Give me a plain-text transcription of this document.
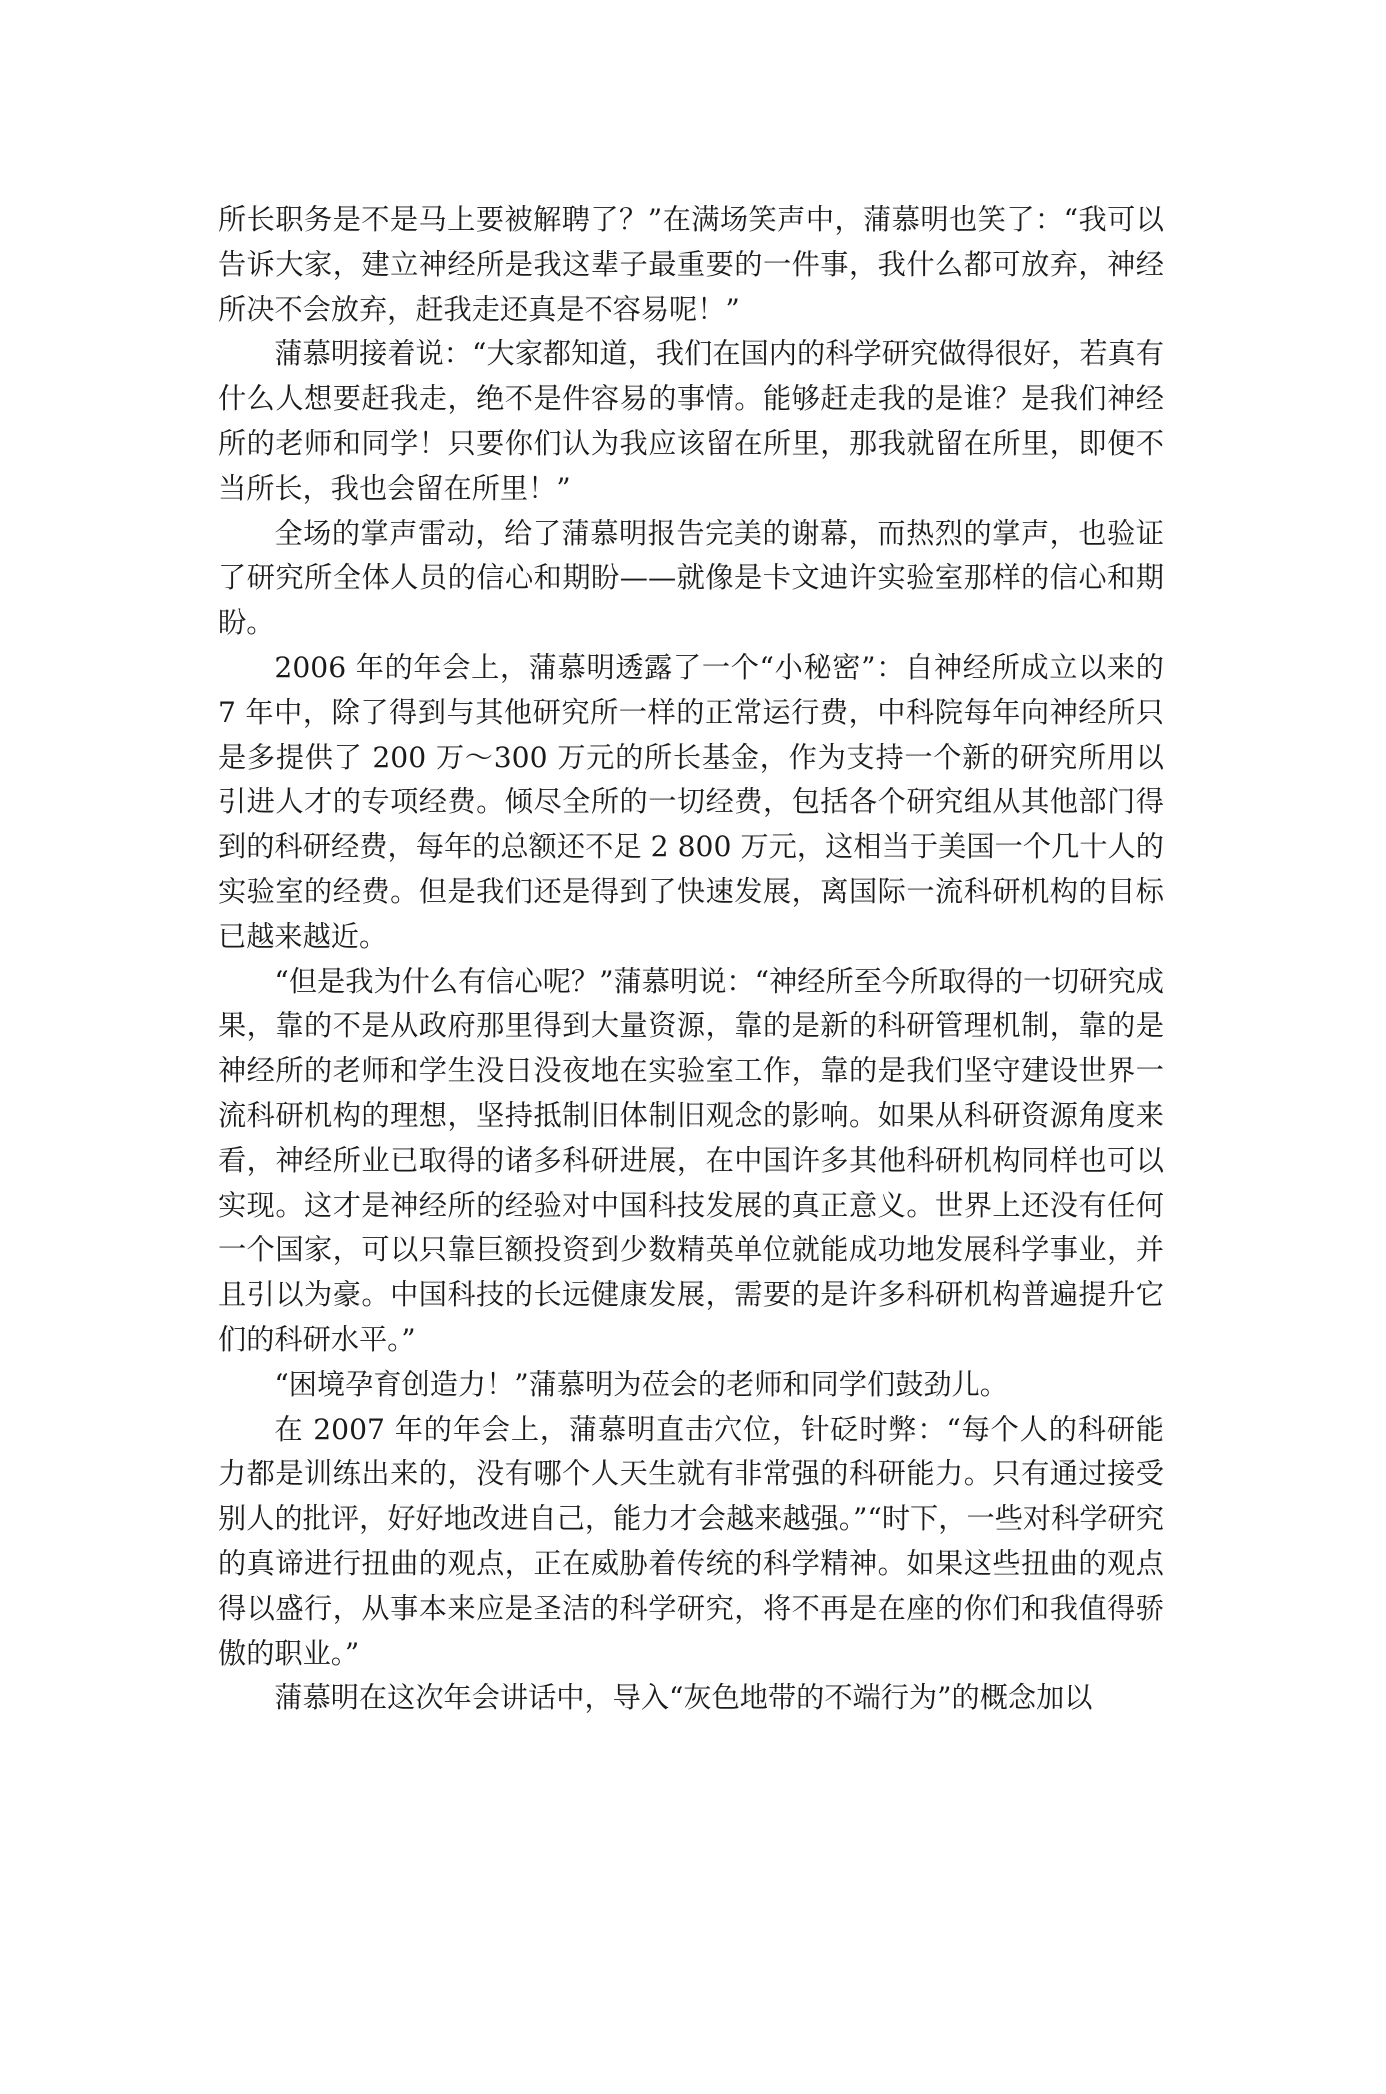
所长职务是不是马上要被解聘了？”在满场笑声中，蒲慕明也笑了：“我可以告诉大家，建立神经所是我这辈子最重要的一件事，我什么都可放弃，神经所决不会放弃，赶我走还真是不容易呢！”

蒲慕明接着说：“大家都知道，我们在国内的科学研究做得很好，若真有什么人想要赶我走，绝不是件容易的事情。能够赶走我的是谁？是我们神经所的老师和同学！只要你们认为我应该留在所里，那我就留在所里，即便不当所长，我也会留在所里！”

全场的掌声雷动，给了蒲慕明报告完美的谢幕，而热烈的掌声，也验证了研究所全体人员的信心和期盼——就像是卡文迪许实验室那样的信心和期盼。

2006 年的年会上，蒲慕明透露了一个“小秘密”：自神经所成立以来的 7 年中，除了得到与其他研究所一样的正常运行费，中科院每年向神经所只是多提供了 200 万～300 万元的所长基金，作为支持一个新的研究所用以引进人才的专项经费。倾尽全所的一切经费，包括各个研究组从其他部门得到的科研经费，每年的总额还不足 2 800 万元，这相当于美国一个几十人的实验室的经费。但是我们还是得到了快速发展，离国际一流科研机构的目标已越来越近。

“但是我为什么有信心呢？”蒲慕明说：“神经所至今所取得的一切研究成果，靠的不是从政府那里得到大量资源，靠的是新的科研管理机制，靠的是神经所的老师和学生没日没夜地在实验室工作，靠的是我们坚守建设世界一流科研机构的理想，坚持抵制旧体制旧观念的影响。如果从科研资源角度来看，神经所业已取得的诸多科研进展，在中国许多其他科研机构同样也可以实现。这才是神经所的经验对中国科技发展的真正意义。世界上还没有任何一个国家，可以只靠巨额投资到少数精英单位就能成功地发展科学事业，并且引以为豪。中国科技的长远健康发展，需要的是许多科研机构普遍提升它们的科研水平。”

“困境孕育创造力！”蒲慕明为莅会的老师和同学们鼓劲儿。

在 2007 年的年会上，蒲慕明直击穴位，针砭时弊：“每个人的科研能力都是训练出来的，没有哪个人天生就有非常强的科研能力。只有通过接受别人的批评，好好地改进自己，能力才会越来越强。”“时下，一些对科学研究的真谛进行扭曲的观点，正在威胁着传统的科学精神。如果这些扭曲的观点得以盛行，从事本来应是圣洁的科学研究，将不再是在座的你们和我值得骄傲的职业。”

蒲慕明在这次年会讲话中，导入“灰色地带的不端行为”的概念加以
